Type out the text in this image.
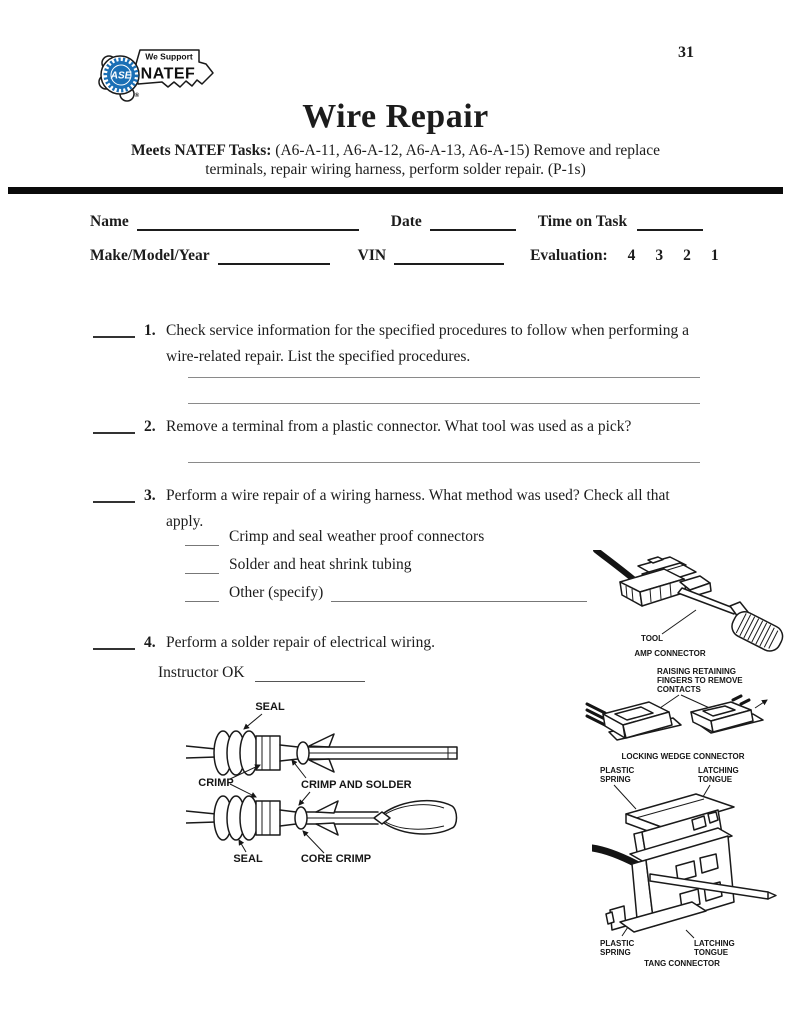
ASE
We Support
NATEF
®
31
Wire Repair
Meets NATEF Tasks: (A6-A-11, A6-A-12, A6-A-13, A6-A-15) Remove and replace
terminals, repair wiring harness, perform solder repair. (P-1s)
Name	Date	Time on Task
Make/Model/Year	VIN	Evaluation: 4 3 2 1
1. Check service information for the specified procedures to follow when performing a wire-related repair. List the specified procedures.
2. Remove a terminal from a plastic connector. What tool was used as a pick?
3. Perform a wire repair of a wiring harness. What method was used? Check all that apply.
Crimp and seal weather proof connectors
Solder and heat shrink tubing
Other (specify)
4. Perform a solder repair of electrical wiring.
Instructor OK
TOOL
AMP CONNECTOR
RAISING RETAINING
FINGERS TO REMOVE
CONTACTS
LOCKING WEDGE CONNECTOR
PLASTIC
SPRING
LATCHING
TONGUE
PLASTIC
SPRING
LATCHING
TONGUE
TANG CONNECTOR
SEAL
CRIMP	CRIMP AND SOLDER
SEAL	CORE CRIMP
